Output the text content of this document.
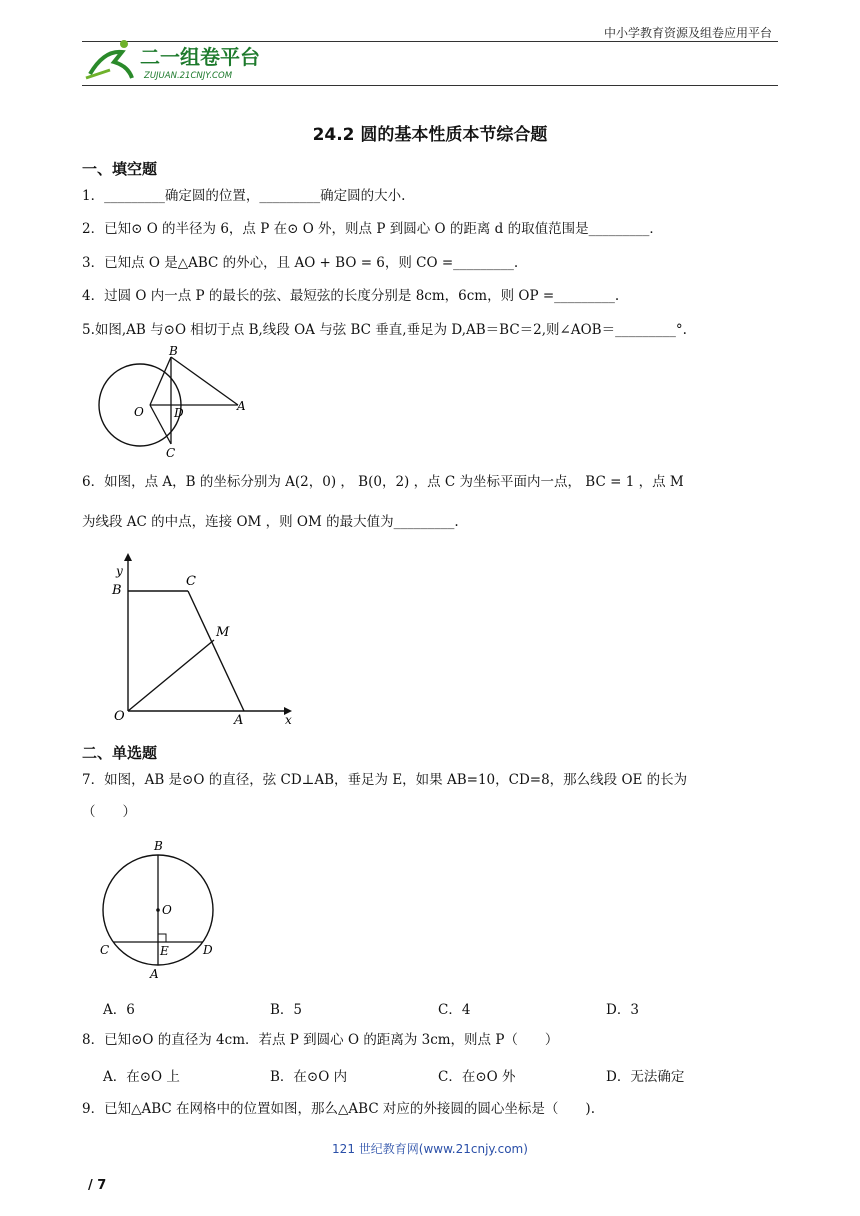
中小学教育资源及组卷应用平台
二一组卷平台
ZUJUAN.21CNJY.COM
24.2 圆的基本性质本节综合题
一、填空题
1．_________确定圆的位置，_________确定圆的大小.
2．已知⊙ O 的半径为 6，点 P 在⊙ O 外，则点 P 到圆心 O 的距离 d 的取值范围是_________．
3．已知点 O 是△ABC 的外心，且 AO + BO = 6，则 CO =_________.
4．过圆 O 内一点 P 的最长的弦、最短弦的长度分别是 8cm，6cm，则 OP =_________.
5.如图,AB 与⊙O 相切于点 B,线段 OA 与弦 BC 垂直,垂足为 D,AB＝BC＝2,则∠AOB＝_________°.
B
O	D	A
C
6．如图，点 A，B 的坐标分别为 A(2，0) ， B(0，2) ，点 C 为坐标平面内一点， BC = 1 ，点 M
为线段 AC 的中点，连接 OM ，则 OM 的最大值为_________.
y
B
C
M
O	A	x
二、单选题
7．如图，AB 是⊙O 的直径，弦 CD⊥AB，垂足为 E，如果 AB=10，CD=8，那么线段 OE 的长为
（　　）
B
O
C	E	D
A
A．6	B．5	C．4	D．3
8．已知⊙O 的直径为 4cm．若点 P 到圆心 O 的距离为 3cm，则点 P（　　）
A．在⊙O 上	B．在⊙O 内	C．在⊙O 外	D．无法确定
9．已知△ABC 在网格中的位置如图，那么△ABC 对应的外接圆的圆心坐标是（　　).
121 世纪教育网(www.21cnjy.com)
/ 7
